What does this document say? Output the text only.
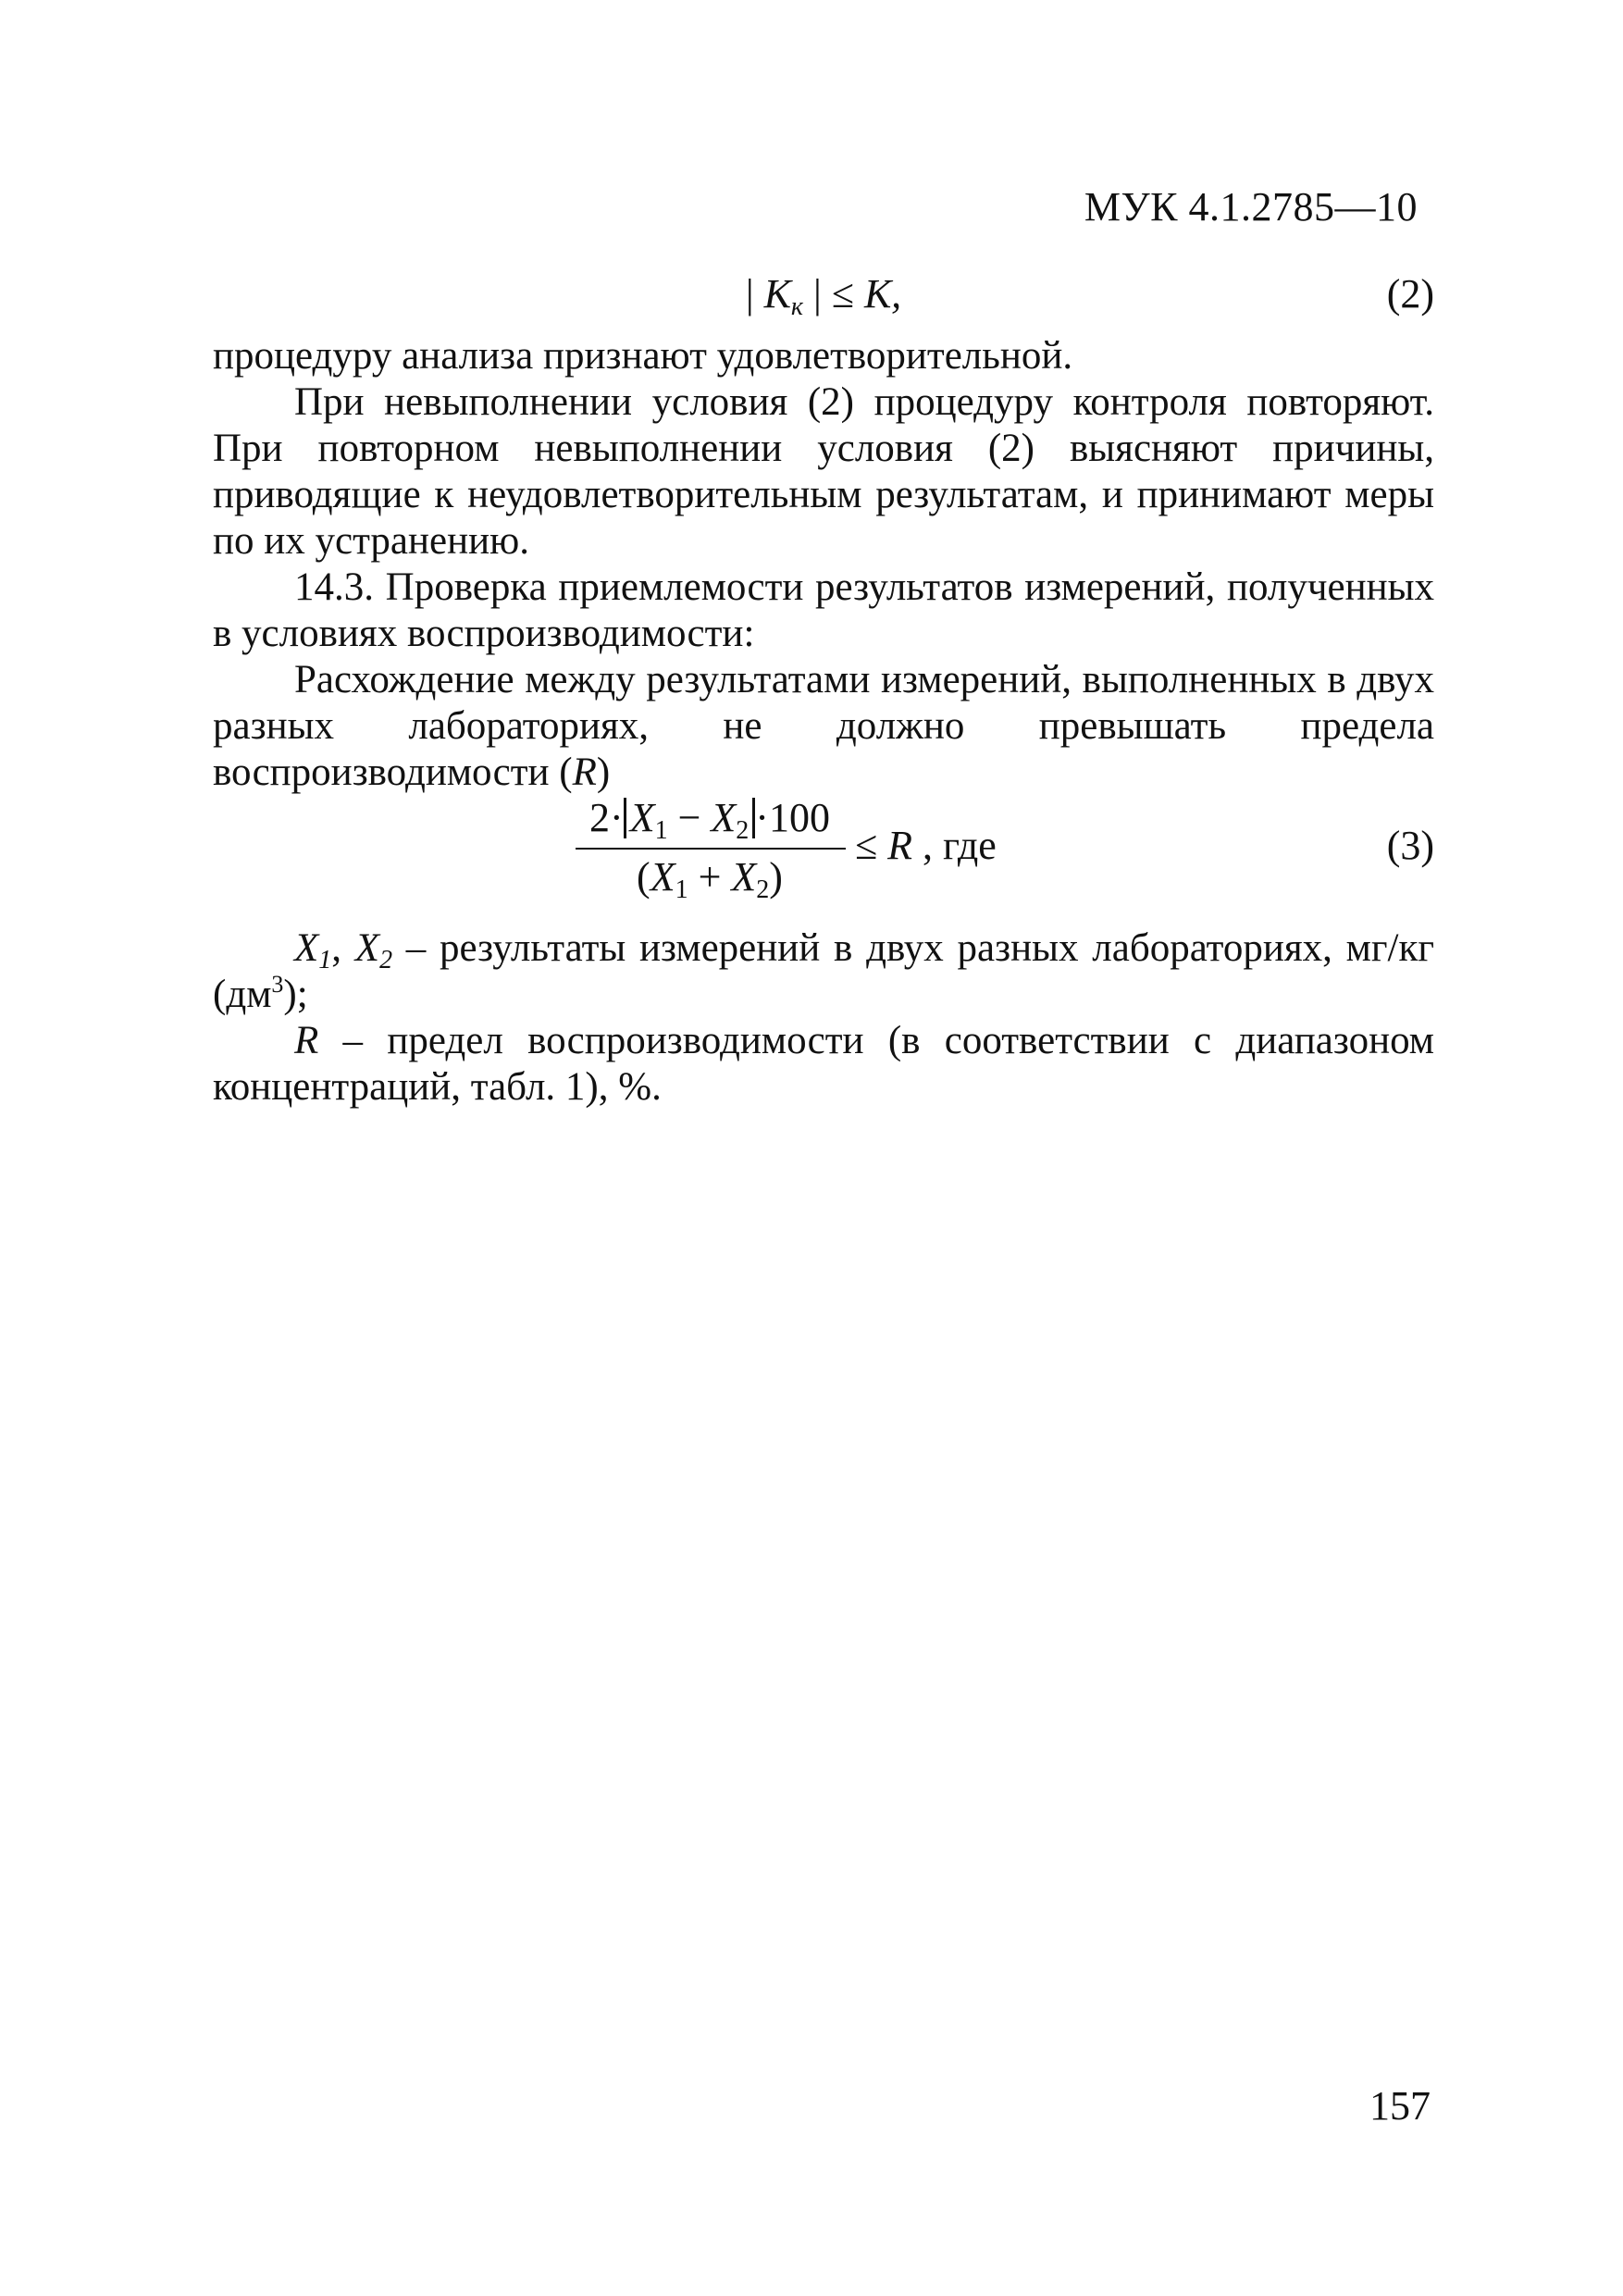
МУК 4.1.2785—10
| $К_к$ | ≤ К,	(2)

процедуру анализа признают удовлетворительной.

При невыполнении условия (2) процедуру контроля повторяют. При повторном невыполнении условия (2) выясняют причины, приводящие к неудовлетворительным результатам, и принимают меры по их устранению.

14.3. Проверка приемлемости результатов измерений, полученных в условиях воспроизводимости:

Расхождение между результатами измерений, выполненных в двух разных лабораториях, не должно превышать предела воспроизводимости (R)

$2\cdot X_1 - X_2 \cdot 100$
$(X_1 + X_2)$
≤ R , где	(3)

$X_1$, $X_2$ – результаты измерений в двух разных лабораториях, мг/кг $(дм^3)$;

R – предел воспроизводимости (в соответствии с диапазоном концентраций, табл. 1), %.

157
